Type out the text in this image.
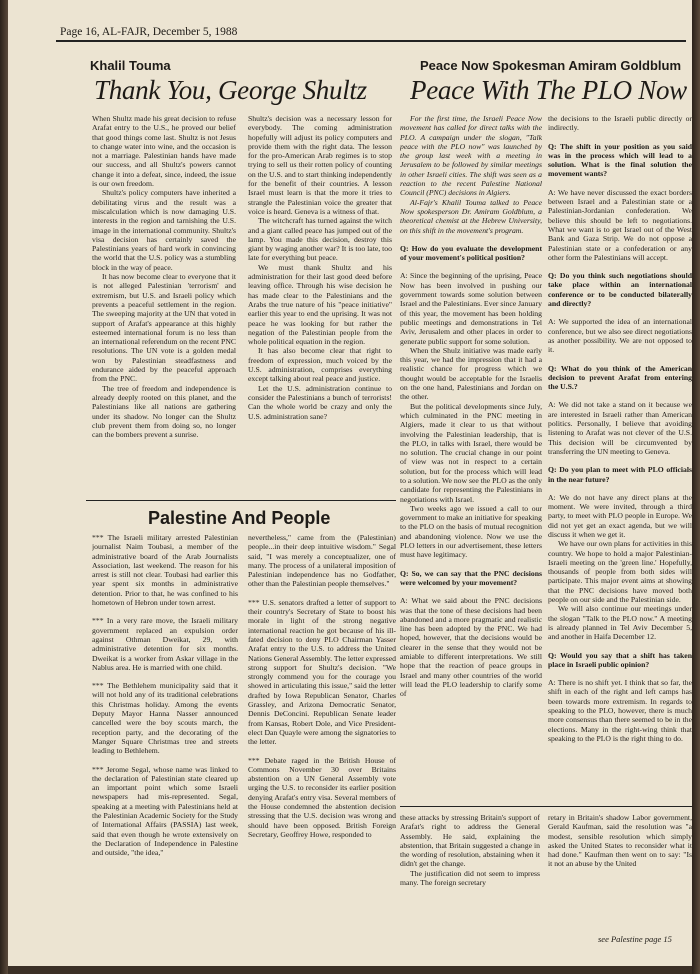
Page 16, AL-FAJR, December 5, 1988
Khalil Touma
Thank You, George Shultz

When Shultz made his great decision to refuse Arafat entry to the U.S., he proved our belief that good things come last. Shultz is not Jesus to change water into wine, and the occasion is not a marriage. Palestinian hands have made our success, and all Shultz's powers cannot change it into a defeat, since, indeed, the issue is our own freedom.

Shultz's policy computers have inherited a debilitating virus and the result was a miscalculation which is now damaging U.S. interests in the region and tarnishing the U.S. image in the international community. Shultz's visa decision has certainly saved the Palestinians years of hard work in convincing the world that the U.S. policy was a stumbling block in the way of peace.

It has now become clear to everyone that it is not alleged Palestinian 'terrorism' and extremism, but U.S. and Israeli policy which prevents a peaceful settlement in the region. The sweeping majority at the UN that voted in support of Arafat's appearance at this highly esteemed international forum is no less than an international referendum on the recent PNC resolutions. The UN vote is a golden medal won by Palestinian steadfastness and endurance aided by the peaceful approach from the PNC.

The tree of freedom and independence is already deeply rooted on this planet, and the Palestinians like all nations are gathering under its shadow. No longer can the Shultz club prevent them from doing so, no longer can the bombers prevent a sunrise.

Shultz's decision was a necessary lesson for everybody. The coming administration hopefully will adjust its policy computers and provide them with the right data. The lesson for the pro-American Arab regimes is to stop trying to sell us their rotten policy of counting on the U.S. and to start thinking independently for the benefit of their countries. A lesson Israel must learn is that the more it tries to strangle the Palestinian voice the greater that voice is heard. Geneva is a witness of that.

The witchcraft has turned against the witch and a giant called peace has jumped out of the lamp. You made this decision, destroy this giant by waging another war? It is too late, too late for everything but peace.

We must thank Shultz and his administration for their last good deed before leaving office. Through his wise decision he has made clear to the Palestinians and the Arabs the true nature of his "peace initiative" earlier this year to end the uprising. It was not peace he was looking for but rather the negation of the Palestinian people from the whole political equation in the region.

It has also become clear that right to freedom of expression, much voiced by the U.S. administration, comprises everything except talking about real peace and justice.

Let the U.S. administration continue to consider the Palestinians a bunch of terrorists! Can the whole world be crazy and only the U.S. administration sane?

Palestine And People

*** The Israeli military arrested Palestinian journalist Naim Toubasi, a member of the administrative board of the Arab Journalists Association, last weekend. The reason for his arrest is still not clear. Toubasi had earlier this year spent six months in administrative detention. Prior to that, he was confined to his hometown of Hebron under town arrest.

*** In a very rare move, the Israeli military government replaced an expulsion order against Othman Dweikat, 29, with administrative detention for six months. Dweikat is a worker from Askar village in the Nablus area. He is married with one child.

*** The Bethlehem municipality said that it will not hold any of its traditional celebrations this Christmas holiday. Among the events Deputy Mayor Hanna Nasser announced cancelled were the boy scouts march, the reception party, and the decorating of the Manger Square Christmas tree and streets leading to Bethlehem.

*** Jerome Segal, whose name was linked to the declaration of Palestinian state cleared up an important point which some Israeli newspapers had mis-represented. Segal, speaking at a meeting with Palestinians held at the Palestinian Academic Society for the Study of International Affairs (PASSIA) last week, said that even though he wrote extensively on the Declaration of Independence in Palestine and outside, "the idea,"

nevertheless," came from the (Palestinian) people...in their deep intuitive wisdom." Segal said, "I was merely a conceptualizer, one of many. The process of a unilateral imposition of Palestinian independence has no Godfather, other than the Palestinian people themselves."

*** U.S. senators drafted a letter of support to their country's Secretary of State to boost his morale in light of the strong negative international reaction he got because of his ill-fated decision to deny PLO Chairman Yasser Arafat entry to the U.S. to address the United Nations General Assembly. The letter expressed strong support for Shultz's decision. "We strongly commend you for the courage you showed in articulating this issue," said the letter drafted by Iowa Republican Senator, Charles Grassley, and Arizona Democratic Senator, Dennis DeConcini. Republican Senate leader from Kansas, Robert Dole, and Vice President-elect Dan Quayle were among the signatories to the letter.

*** Debate raged in the British House of Commons November 30 over Britains abstention on a UN General Assembly vote urging the U.S. to reconsider its earlier position denying Arafat's entry visa. Several members of the House condemned the abstention decision stressing that the U.S. decision was wrong and should have been opposed. British Foreign Secretary, Geoffrey Howe, responded to

these attacks by stressing Britain's support of Arafat's right to address the General Assembly. He said, explaining the abstention, that Britain suggested a change in the wording of resolution, abstaining when it didn't get the change.

The justification did not seem to impress many. The foreign secretary

retary in Britain's shadow Labor government, Gerald Kaufman, said the resolution was "a modest, sensible resolution which simply asked the United States to reconsider what it had done." Kaufman then went on to say: "Is it not an abuse by the United

see Palestine page 15
Peace Now Spokesman Amiram Goldblum
Peace With The PLO Now

For the first time, the Israeli Peace Now movement has called for direct talks with the PLO. A campaign under the slogan, "Talk peace with the PLO now" was launched by the group last week with a meeting in Jerusalem to be followed by similar meetings in other Israeli cities. The shift was seen as a reaction to the recent Palestine National Council (PNC) decisions in Algiers.

Al-Fajr's Khalil Touma talked to Peace Now spokesperson Dr. Amiram Goldblum, a theoretical chemist at the Hebrew University, on this shift in the movement's program.

Q: How do you evaluate the development of your movement's political position?

A: Since the beginning of the uprising, Peace Now has been involved in pushing our government towards some solution between Israel and the Palestinians. Ever since January of this year, the movement has been holding public meetings and demonstrations in Tel Aviv, Jerusalem and other places in order to generate public support for some solution.

When the Shulz initiative was made early this year, we had the impression that it had a realistic chance for progress which we thought would be acceptable for the Israelis on the one hand, Palestinians and Jordan on the other.

But the political developments since July, which culminated in the PNC meeting in Algiers, made it clear to us that without involving the Palestinian leadership, that is the PLO, in talks with Israel, there would be no solution. The crucial change in our point of view was not in respect to a certain solution, but for the process which will lead to a solution. We now see the PLO as the only candidate for representing the Palestinians in negotiations with Israel.

Two weeks ago we issued a call to our government to make an initiative for speaking to the PLO on the basis of mutual recognition and abandoning violence. Now we use the PLO letters in our advertisement, these letters must have legitimacy.

Q: So, we can say that the PNC decisions were welcomed by your movement?

A: What we said about the PNC decisions was that the tone of these decisions had been abandoned and a more pragmatic and realistic line has been adopted by the PNC. We had hoped, however, that the decisions would be clearer in the sense that they would not be amiable to different interpretations. We still hope that the reaction of peace groups in Israel and many other countries of the world will lead the PLO leadership to clarify some of

the decisions to the Israeli public directly or indirectly.

Q: The shift in your position as you said was in the process which will lead to a solution. What is the final solution the movement wants?

A: We have never discussed the exact borders between Israel and a Palestinian state or a Palestinian-Jordanian confederation. We believe this should be left to negotiations. What we want is to get Israel out of the West Bank and Gaza Strip. We do not oppose a Palestinian state or a confederation or any other form the Palestinians will accept.

Q: Do you think such negotiations should take place within an international conference or to be conducted bilaterally and directly?

A: We supported the idea of an international conference, but we also see direct negotiations as another possibility. We are not opposed to it.

Q: What do you think of the American decision to prevent Arafat from entering the U.S.?

A: We did not take a stand on it because we are interested in Israeli rather than American politics. Personally, I believe that avoiding listening to Arafat was not clever of the U.S. This decision will be circumvented by transferring the UN meeting to Geneva.

Q: Do you plan to meet with PLO officials in the near future?

A: We do not have any direct plans at the moment. We were invited, through a third party, to meet with PLO people in Europe. We did not yet get an exact agenda, but we will discuss it when we get it.

We have our own plans for activities in this country. We hope to hold a major Palestinian-Israeli meeting on the 'green line.' Hopefully, thousands of people from both sides will participate. This major event aims at showing that the PNC decisions have moved both people on our side and the Palestinian side.

We will also continue our meetings under the slogan "Talk to the PLO now." A meeting is already planned in Tel Aviv December 5, and another in Haifa December 12.

Q: Would you say that a shift has taken place in Israeli public opinion?

A: There is no shift yet. I think that so far, the shift in each of the right and left camps has been towards more extremism. In regards to speaking to the PLO, however, there is much more consensus than there seemed to be in the elections. Many in the right-wing think that speaking to the PLO is the right thing to do.
